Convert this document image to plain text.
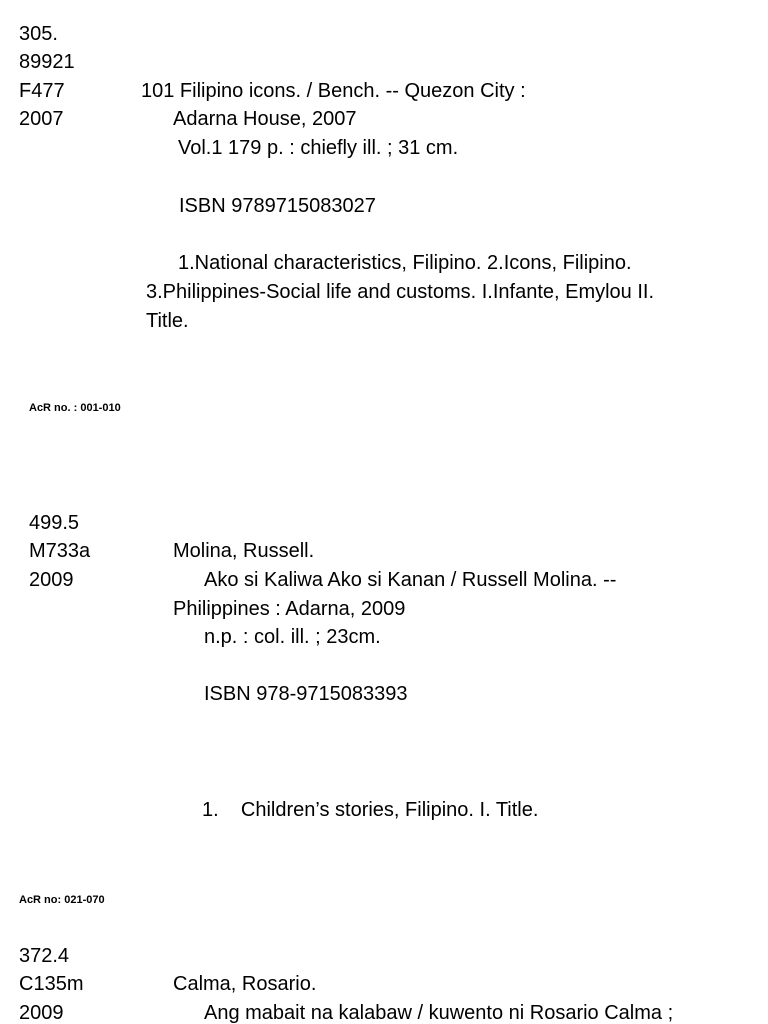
305.

89921

F477

2007

101 Filipino icons. / Bench. -- Quezon City :

Adarna House, 2007

Vol.1 179 p. : chiefly ill. ; 31 cm.

ISBN 9789715083027

1.National characteristics, Filipino. 2.Icons, Filipino.

3.Philippines-Social life and customs. I.Infante, Emylou II.

Title.

AcR no. : 001-010

499.5

M733a

2009

Molina, Russell.

Ako si Kaliwa Ako si Kanan / Russell Molina. --

Philippines : Adarna, 2009

n.p. : col. ill. ; 23cm.

ISBN 978-9715083393

1.    Children’s stories, Filipino. I. Title.

AcR no: 021-070

372.4

C135m

2009

Calma, Rosario.

Ang mabait na kalabaw / kuwento ni Rosario Calma ;
